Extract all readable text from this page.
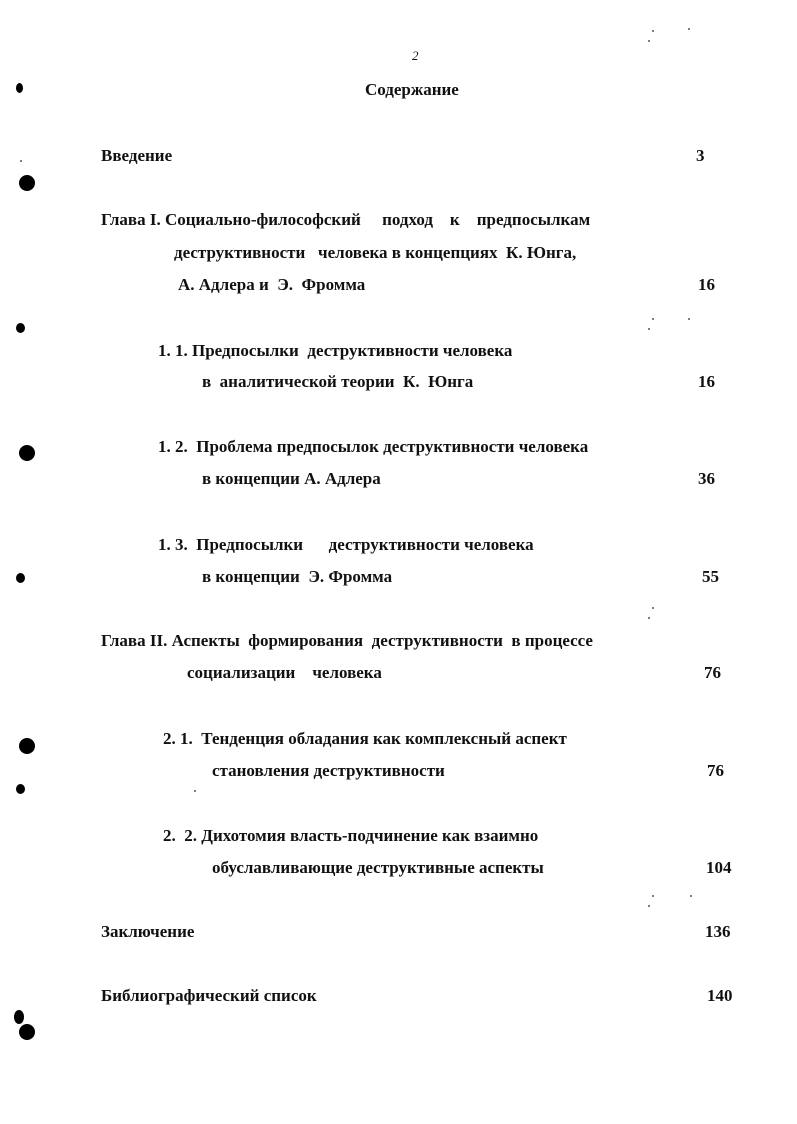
2
Содержание
Введение	3
Глава I. Социально-философский     подход    к    предпосылкам
деструктивности   человека в концепциях  К. Юнга,
А. Адлера и  Э.  Фромма	16
1. 1. Предпосылки  деструктивности человека
в  аналитической теории  К.  Юнга	16
1. 2.  Проблема предпосылок деструктивности человека
в концепции А. Адлера	36
1. 3.  Предпосылки      деструктивности человека
в концепции  Э. Фромма	55
Глава II. Аспекты  формирования  деструктивности  в процессе
социализации    человека	76
2. 1.  Тенденция обладания как комплексный аспект
становления деструктивности	76
2.  2. Дихотомия власть-подчинение как взаимно
обуславливающие деструктивные аспекты	104
Заключение	136
Библиографический список	140
